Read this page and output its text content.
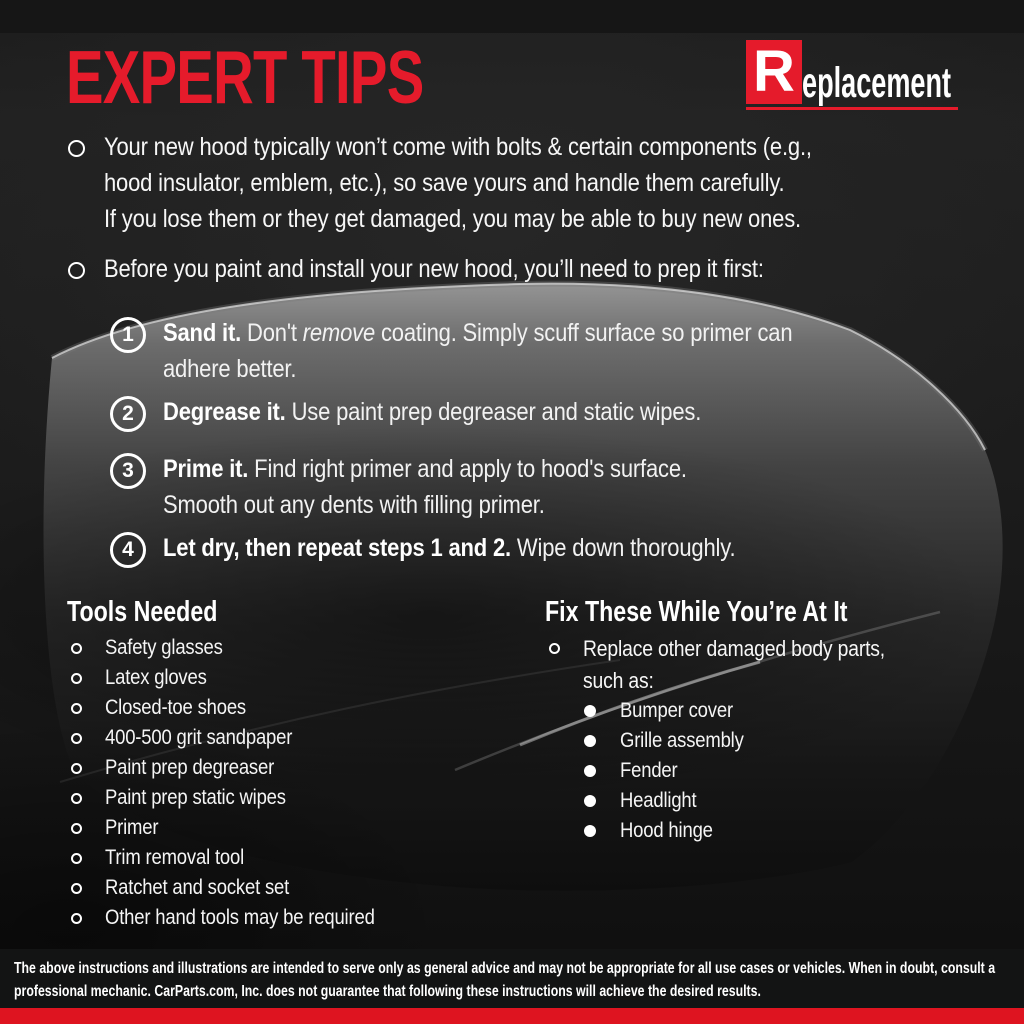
EXPERT TIPS	R eplacement
Your new hood typically won’t come with bolts & certain components (e.g.,
hood insulator, emblem, etc.), so save yours and handle them carefully.
If you lose them or they get damaged, you may be able to buy new ones.
Before you paint and install your new hood, you’ll need to prep it first:
1	Sand it. Don't remove coating. Simply scuff surface so primer can
adhere better.

2	Degrease it. Use paint prep degreaser and static wipes.

3	Prime it. Find right primer and apply to hood's surface.
Smooth out any dents with filling primer.

4	Let dry, then repeat steps 1 and 2. Wipe down thoroughly.

Tools Needed
Safety glasses
Latex gloves
Closed-toe shoes
400-500 grit sandpaper
Paint prep degreaser
Paint prep static wipes
Primer
Trim removal tool
Ratchet and socket set
Other hand tools may be required
Fix These While You’re At It
Replace other damaged body parts,
such as:
Bumper cover
Grille assembly
Fender
Headlight
Hood hinge
The above instructions and illustrations are intended to serve only as general advice and may not be appropriate for all use cases or vehicles. When in doubt, consult a
professional mechanic. CarParts.com, Inc. does not guarantee that following these instructions will achieve the desired results.
